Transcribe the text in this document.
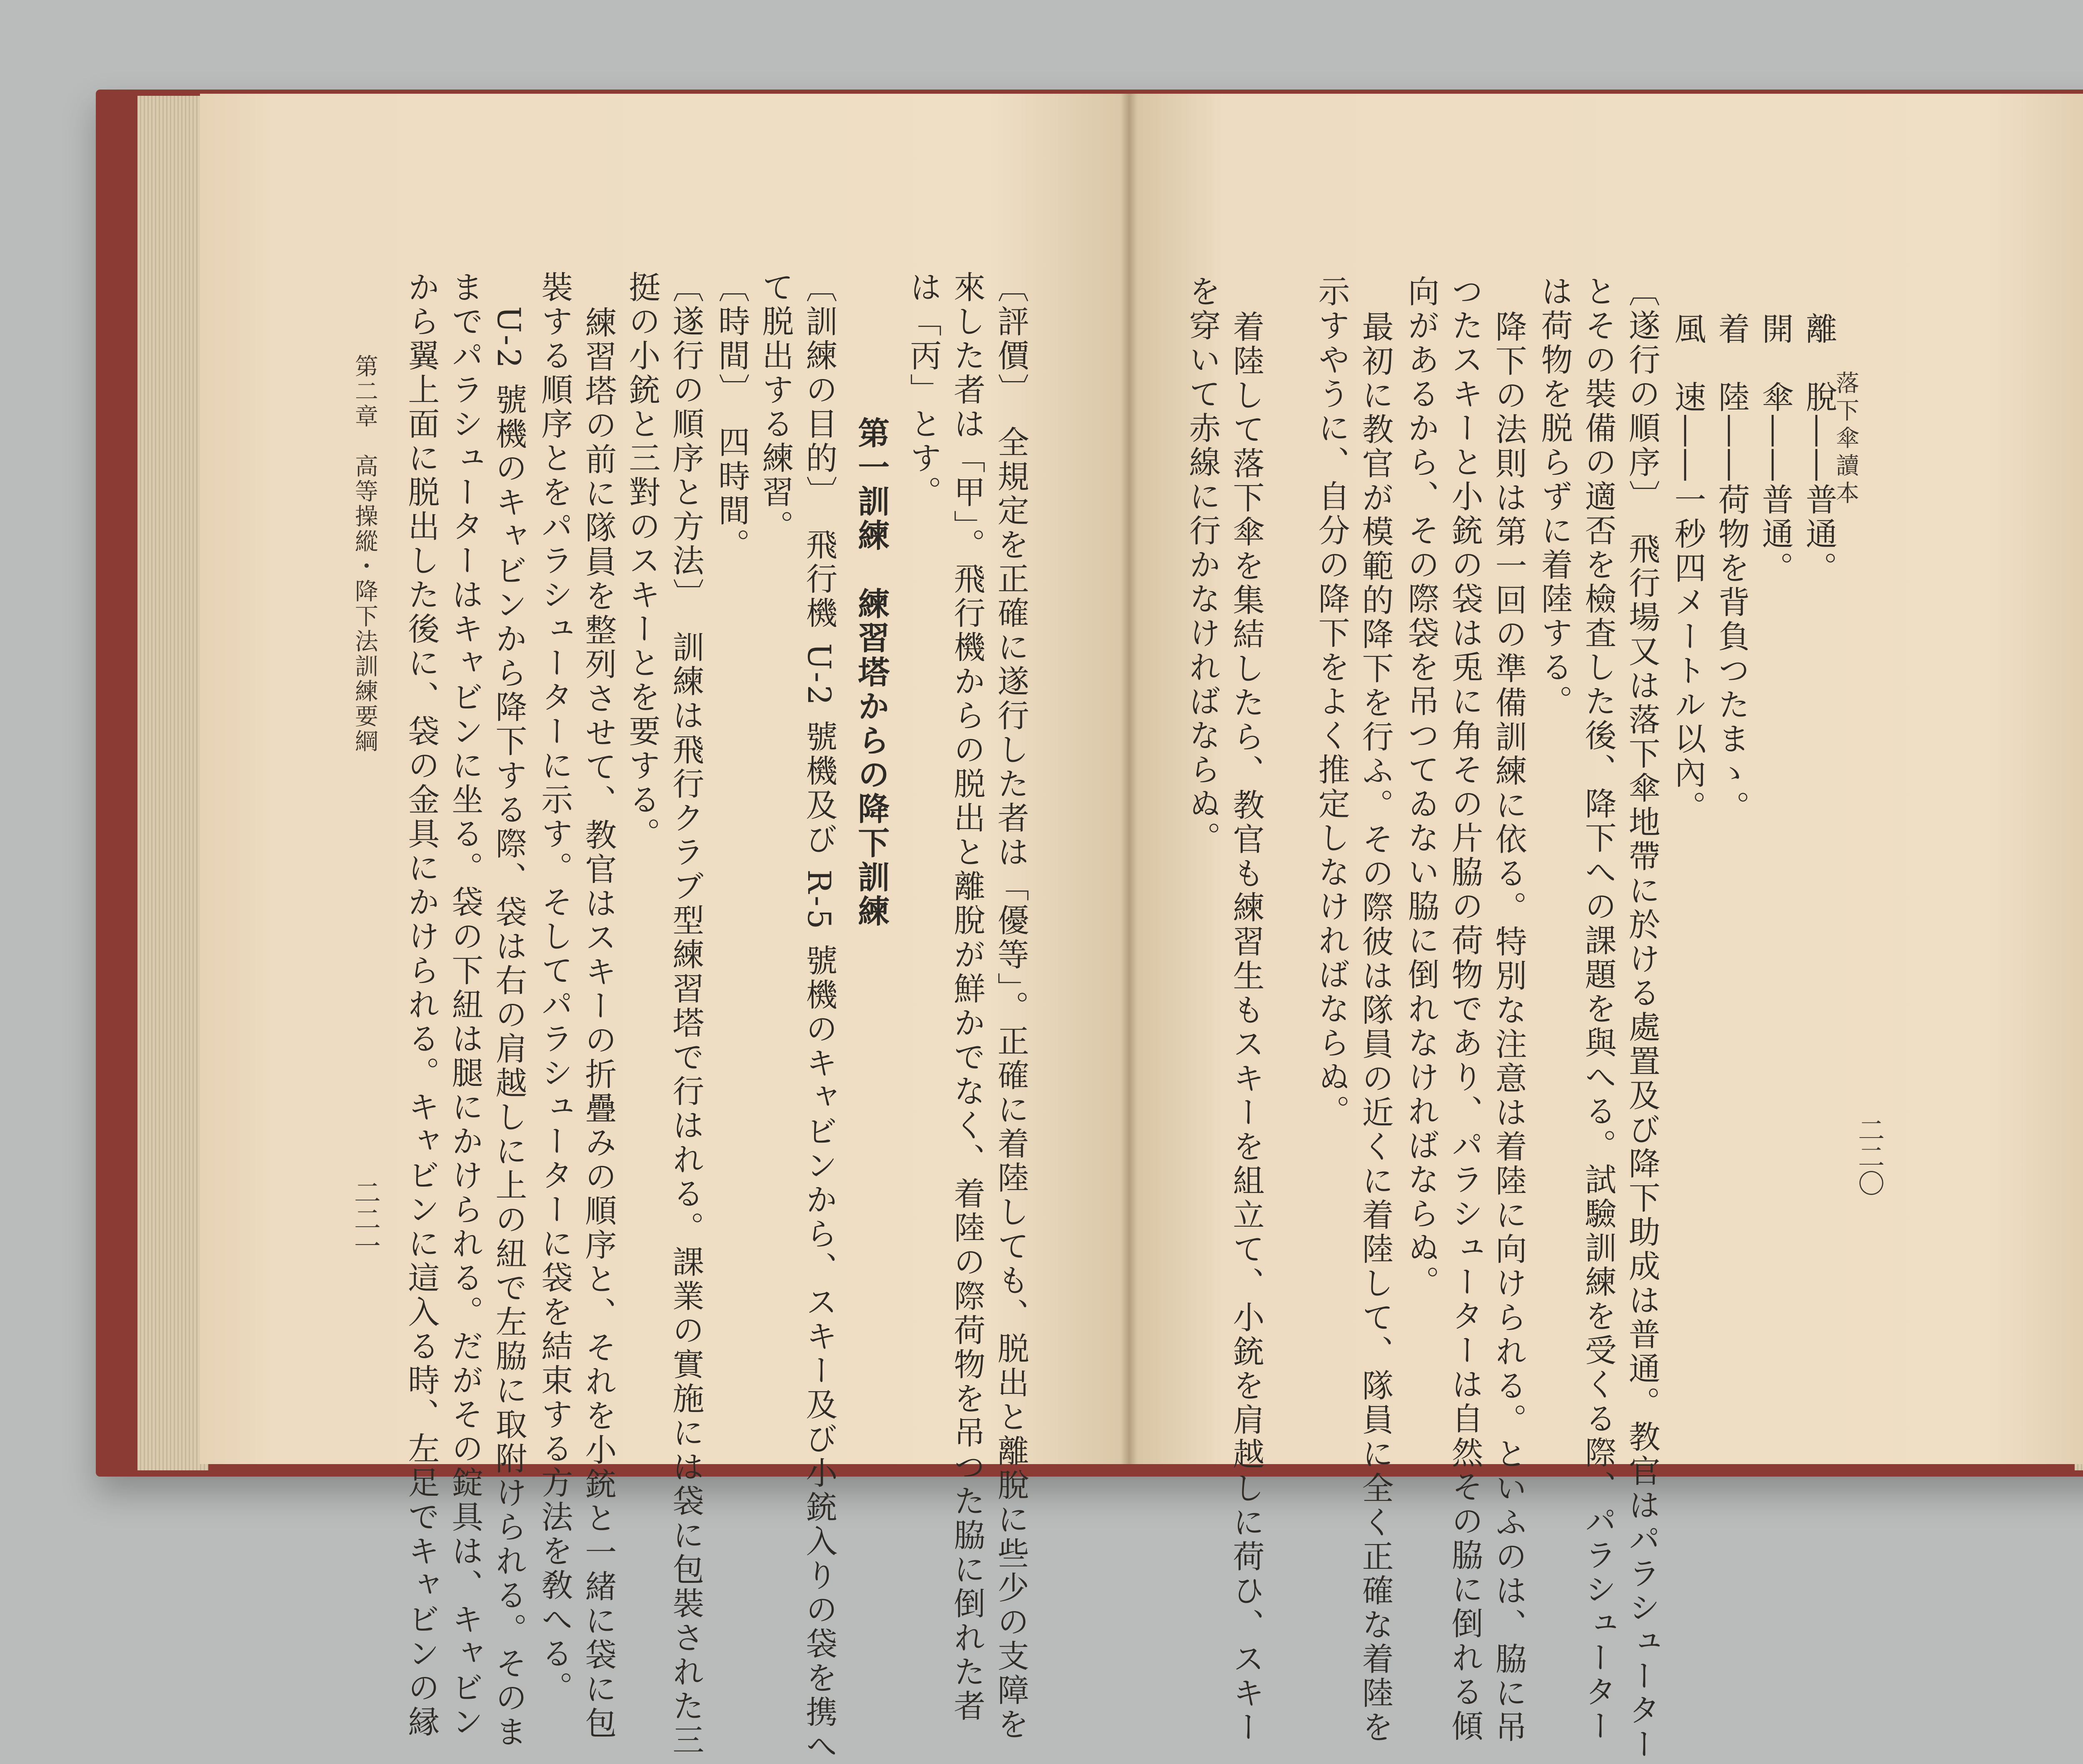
落下傘讀本
二二〇
離　脫――普通。
開　傘――普通。
着　陸――荷物を背負つたまゝ。
風　速――一秒四メートル以內。
〔遂行の順序〕　飛行場又は落下傘地帶に於ける處置及び降下助成は普通。教官はパラシューター
とその裝備の適否を檢査した後、降下への課題を與へる。試驗訓練を受くる際、パラシューター
は荷物を脱らずに着陸する。
降下の法則は第一回の準備訓練に依る。特別な注意は着陸に向けられる。といふのは、脇に吊
つたスキーと小銃の袋は兎に角その片脇の荷物であり、パラシューターは自然その脇に倒れる傾
向があるから、その際袋を吊つてゐない脇に倒れなければならぬ。
最初に教官が模範的降下を行ふ。その際彼は隊員の近くに着陸して、隊員に全く正確な着陸を
示すやうに、自分の降下をよく推定しなければならぬ。
着陸して落下傘を集結したら、教官も練習生もスキーを組立て、小銃を肩越しに荷ひ、スキー
を穿いて赤線に行かなければならぬ。
〔評價〕　全規定を正確に遂行した者は「優等」。正確に着陸しても、脱出と離脫に些少の支障を
來した者は「甲」。飛行機からの脱出と離脫が鮮かでなく、着陸の際荷物を吊つた脇に倒れた者
は「丙」とす。
第一訓練　練習塔からの降下訓練
〔訓練の目的〕　飛行機 U-2 號機及び R-5 號機のキャビンから、スキー及び小銃入りの袋を携へ
て脱出する練習。
〔時間〕　四時間。
〔遂行の順序と方法〕　訓練は飛行クラブ型練習塔で行はれる。課業の實施には袋に包裝された三
挺の小銃と三對のスキーとを要する。
練習塔の前に隊員を整列させて、教官はスキーの折疊みの順序と、それを小銃と一緒に袋に包
裝する順序とをパラシューターに示す。そしてパラシューターに袋を結束する方法を敎へる。
U-2 號機のキャビンから降下する際、袋は右の肩越しに上の紐で左脇に取附けられる。そのま
までパラシューターはキャビンに坐る。袋の下紐は腿にかけられる。だがその錠具は、キャビン
から翼上面に脱出した後に、袋の金具にかけられる。キャビンに這入る時、左足でキャビンの縁
第二章　高等操縱・降下法訓練要綱
二二一
